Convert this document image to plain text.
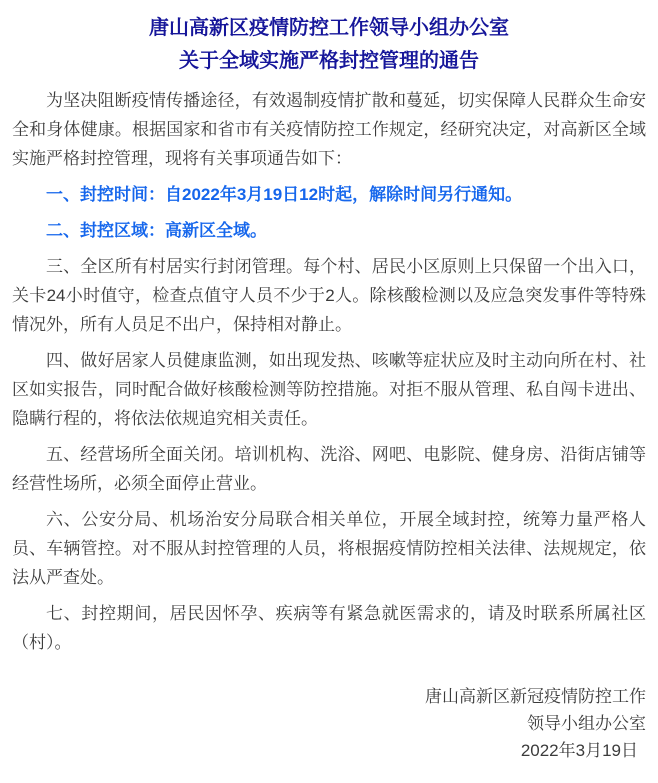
唐山高新区疫情防控工作领导小组办公室
关于全域实施严格封控管理的通告

为坚决阻断疫情传播途径，有效遏制疫情扩散和蔓延，切实保障人民群众生命安全和身体健康。根据国家和省市有关疫情防控工作规定，经研究决定，对高新区全域实施严格封控管理，现将有关事项通告如下：

一、封控时间：自2022年3月19日12时起，解除时间另行通知。

二、封控区域：高新区全域。

三、全区所有村居实行封闭管理。每个村、居民小区原则上只保留一个出入口，关卡24小时值守，检查点值守人员不少于2人。除核酸检测以及应急突发事件等特殊情况外，所有人员足不出户，保持相对静止。

四、做好居家人员健康监测，如出现发热、咳嗽等症状应及时主动向所在村、社区如实报告，同时配合做好核酸检测等防控措施。对拒不服从管理、私自闯卡进出、隐瞒行程的，将依法依规追究相关责任。

五、经营场所全面关闭。培训机构、洗浴、网吧、电影院、健身房、沿街店铺等经营性场所，必须全面停止营业。

六、公安分局、机场治安分局联合相关单位，开展全域封控，统筹力量严格人员、车辆管控。对不服从封控管理的人员，将根据疫情防控相关法律、法规规定，依法从严查处。

七、封控期间，居民因怀孕、疾病等有紧急就医需求的，请及时联系所属社区（村）。

唐山高新区新冠疫情防控工作

领导小组办公室

2022年3月19日
